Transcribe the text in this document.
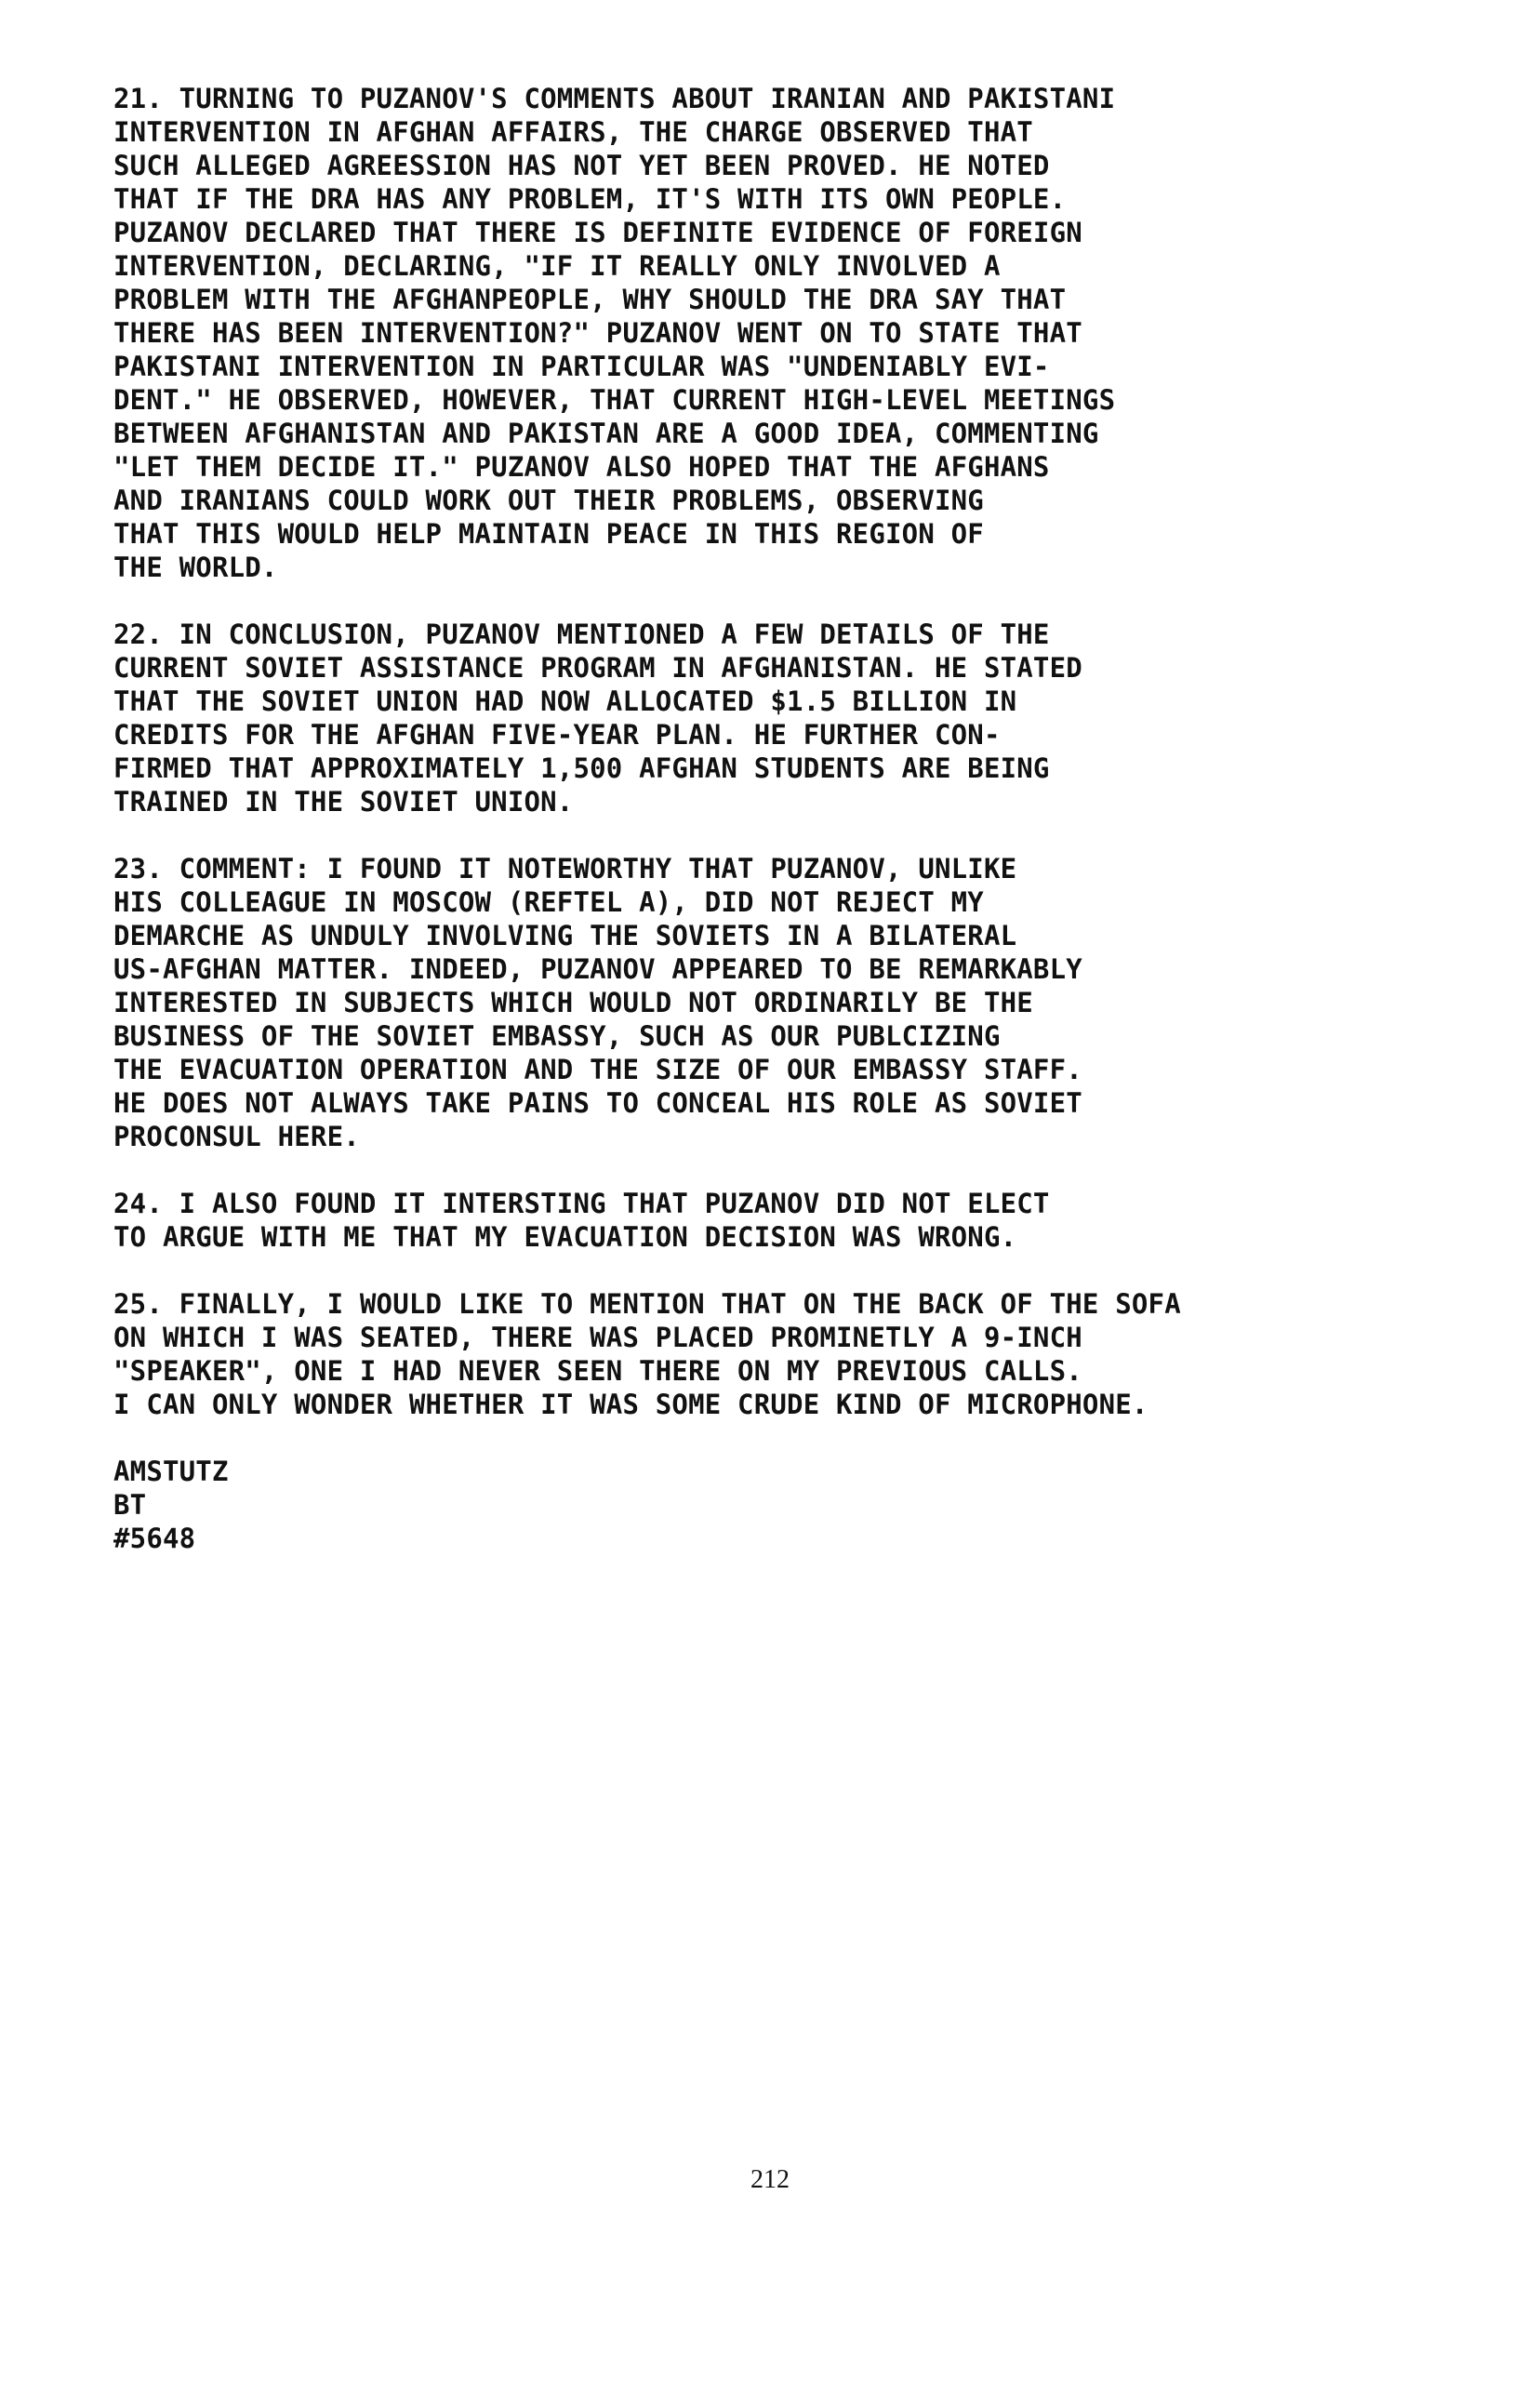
21. TURNING TO PUZANOV'S COMMENTS ABOUT IRANIAN AND PAKISTANI
INTERVENTION IN AFGHAN AFFAIRS, THE CHARGE OBSERVED THAT
SUCH ALLEGED AGREESSION HAS NOT YET BEEN PROVED. HE NOTED
THAT IF THE DRA HAS ANY PROBLEM, IT'S WITH ITS OWN PEOPLE.
PUZANOV DECLARED THAT THERE IS DEFINITE EVIDENCE OF FOREIGN
INTERVENTION, DECLARING, "IF IT REALLY ONLY INVOLVED A
PROBLEM WITH THE AFGHANPEOPLE, WHY SHOULD THE DRA SAY THAT
THERE HAS BEEN INTERVENTION?" PUZANOV WENT ON TO STATE THAT
PAKISTANI INTERVENTION IN PARTICULAR WAS "UNDENIABLY EVI-
DENT." HE OBSERVED, HOWEVER, THAT CURRENT HIGH-LEVEL MEETINGS
BETWEEN AFGHANISTAN AND PAKISTAN ARE A GOOD IDEA, COMMENTING
"LET THEM DECIDE IT." PUZANOV ALSO HOPED THAT THE AFGHANS
AND IRANIANS COULD WORK OUT THEIR PROBLEMS, OBSERVING
THAT THIS WOULD HELP MAINTAIN PEACE IN THIS REGION OF
THE WORLD.
22. IN CONCLUSION, PUZANOV MENTIONED A FEW DETAILS OF THE
CURRENT SOVIET ASSISTANCE PROGRAM IN AFGHANISTAN. HE STATED
THAT THE SOVIET UNION HAD NOW ALLOCATED $1.5 BILLION IN
CREDITS FOR THE AFGHAN FIVE-YEAR PLAN. HE FURTHER CON-
FIRMED THAT APPROXIMATELY 1,500 AFGHAN STUDENTS ARE BEING
TRAINED IN THE SOVIET UNION.
23. COMMENT: I FOUND IT NOTEWORTHY THAT PUZANOV, UNLIKE
HIS COLLEAGUE IN MOSCOW (REFTEL A), DID NOT REJECT MY
DEMARCHE AS UNDULY INVOLVING THE SOVIETS IN A BILATERAL
US-AFGHAN MATTER. INDEED, PUZANOV APPEARED TO BE REMARKABLY
INTERESTED IN SUBJECTS WHICH WOULD NOT ORDINARILY BE THE
BUSINESS OF THE SOVIET EMBASSY, SUCH AS OUR PUBLCIZING
THE EVACUATION OPERATION AND THE SIZE OF OUR EMBASSY STAFF.
HE DOES NOT ALWAYS TAKE PAINS TO CONCEAL HIS ROLE AS SOVIET
PROCONSUL HERE.
24. I ALSO FOUND IT INTERSTING THAT PUZANOV DID NOT ELECT
TO ARGUE WITH ME THAT MY EVACUATION DECISION WAS WRONG.
25. FINALLY, I WOULD LIKE TO MENTION THAT ON THE BACK OF THE SOFA
ON WHICH I WAS SEATED, THERE WAS PLACED PROMINETLY A 9-INCH
"SPEAKER", ONE I HAD NEVER SEEN THERE ON MY PREVIOUS CALLS.
I CAN ONLY WONDER WHETHER IT WAS SOME CRUDE KIND OF MICROPHONE.
AMSTUTZ
BT
#5648
212
